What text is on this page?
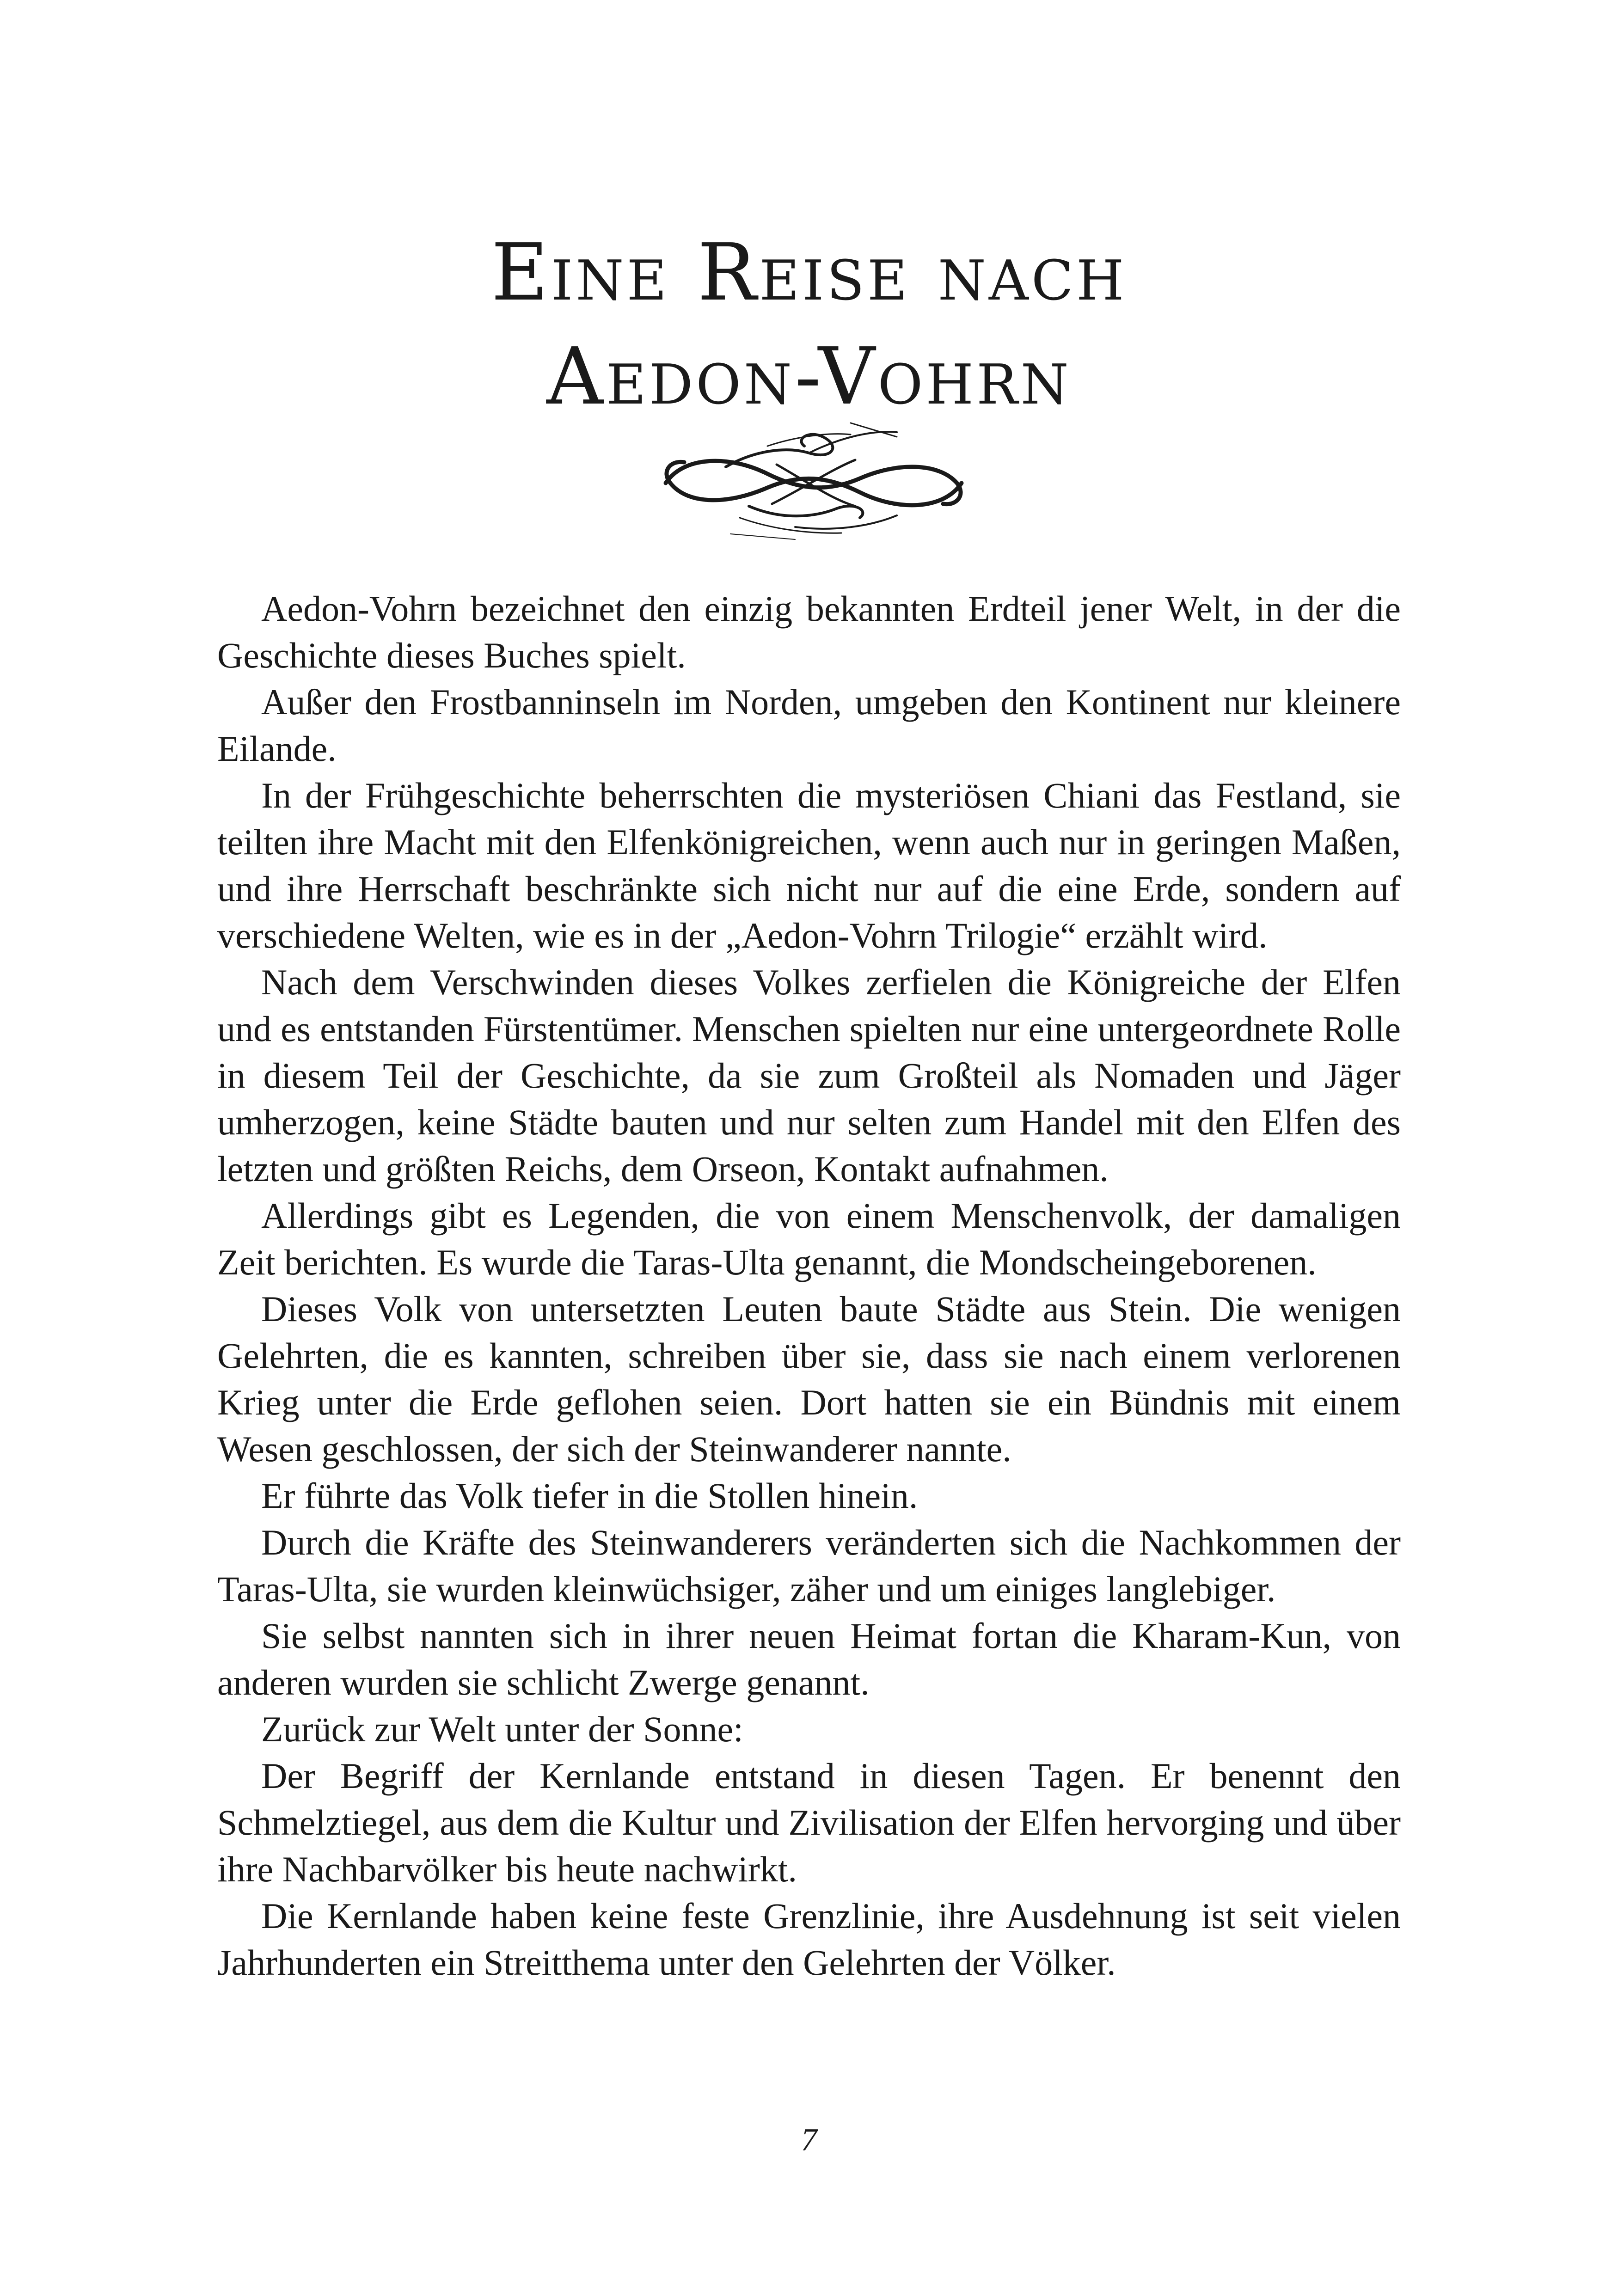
Eine Reise nach
Aedon-Vohrn

Aedon-Vohrn bezeichnet den einzig bekannten Erdteil jener Welt, in der die Geschichte dieses Buches spielt.

Außer den Frostbanninseln im Norden, umgeben den Kontinent nur kleinere Eilande.

In der Frühgeschichte beherrschten die mysteriösen Chiani das Festland, sie teilten ihre Macht mit den Elfenkönigreichen, wenn auch nur in geringen Maßen, und ihre Herrschaft beschränkte sich nicht nur auf die eine Erde, sondern auf verschiedene Welten, wie es in der „Aedon-Vohrn Trilogie“ erzählt wird.

Nach dem Verschwinden dieses Volkes zerfielen die Königreiche der Elfen und es entstanden Fürstentümer. Menschen spielten nur eine untergeordnete Rolle in diesem Teil der Geschichte, da sie zum Großteil als Nomaden und Jäger umherzogen, keine Städte bauten und nur selten zum Handel mit den Elfen des letzten und größten Reichs, dem Orseon, Kontakt aufnahmen.

Allerdings gibt es Legenden, die von einem Menschenvolk, der damaligen Zeit berichten. Es wurde die Taras-Ulta genannt, die Mondscheingeborenen.

Dieses Volk von untersetzten Leuten baute Städte aus Stein. Die wenigen Gelehrten, die es kannten, schreiben über sie, dass sie nach einem verlorenen Krieg unter die Erde geflohen seien. Dort hatten sie ein Bündnis mit einem Wesen geschlossen, der sich der Steinwanderer nannte.

Er führte das Volk tiefer in die Stollen hinein.

Durch die Kräfte des Steinwanderers veränderten sich die Nachkommen der Taras-Ulta, sie wurden kleinwüchsiger, zäher und um einiges langlebiger.

Sie selbst nannten sich in ihrer neuen Heimat fortan die Kharam-Kun, von anderen wurden sie schlicht Zwerge genannt.

Zurück zur Welt unter der Sonne:

Der Begriff der Kernlande entstand in diesen Tagen. Er benennt den Schmelztiegel, aus dem die Kultur und Zivilisation der Elfen hervorging und über ihre Nachbarvölker bis heute nachwirkt.

Die Kernlande haben keine feste Grenzlinie, ihre Ausdehnung ist seit vielen Jahrhunderten ein Streitthema unter den Gelehrten der Völker.

7
